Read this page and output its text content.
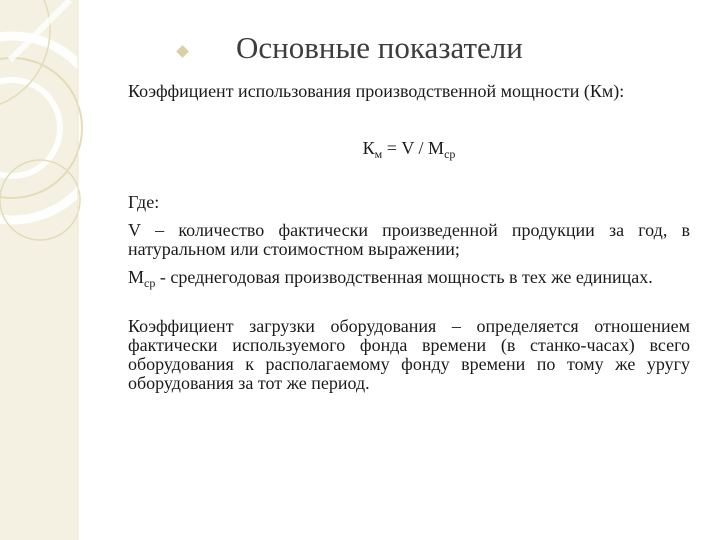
Основные показатели

Коэффициент использования производственной мощности (Км):

$К_м = V / М_{ср}$

Где:

V – количество фактически произведенной продукции за год, в натуральном или стоимостном выражении;

$М_{ср}$ - среднегодовая производственная мощность в тех же единицах.

Коэффициент загрузки оборудования – определяется отношением фактически используемого фонда времени (в станко-часах) всего оборудования к располагаемому фонду времени по тому же уругу оборудования за тот же период.
